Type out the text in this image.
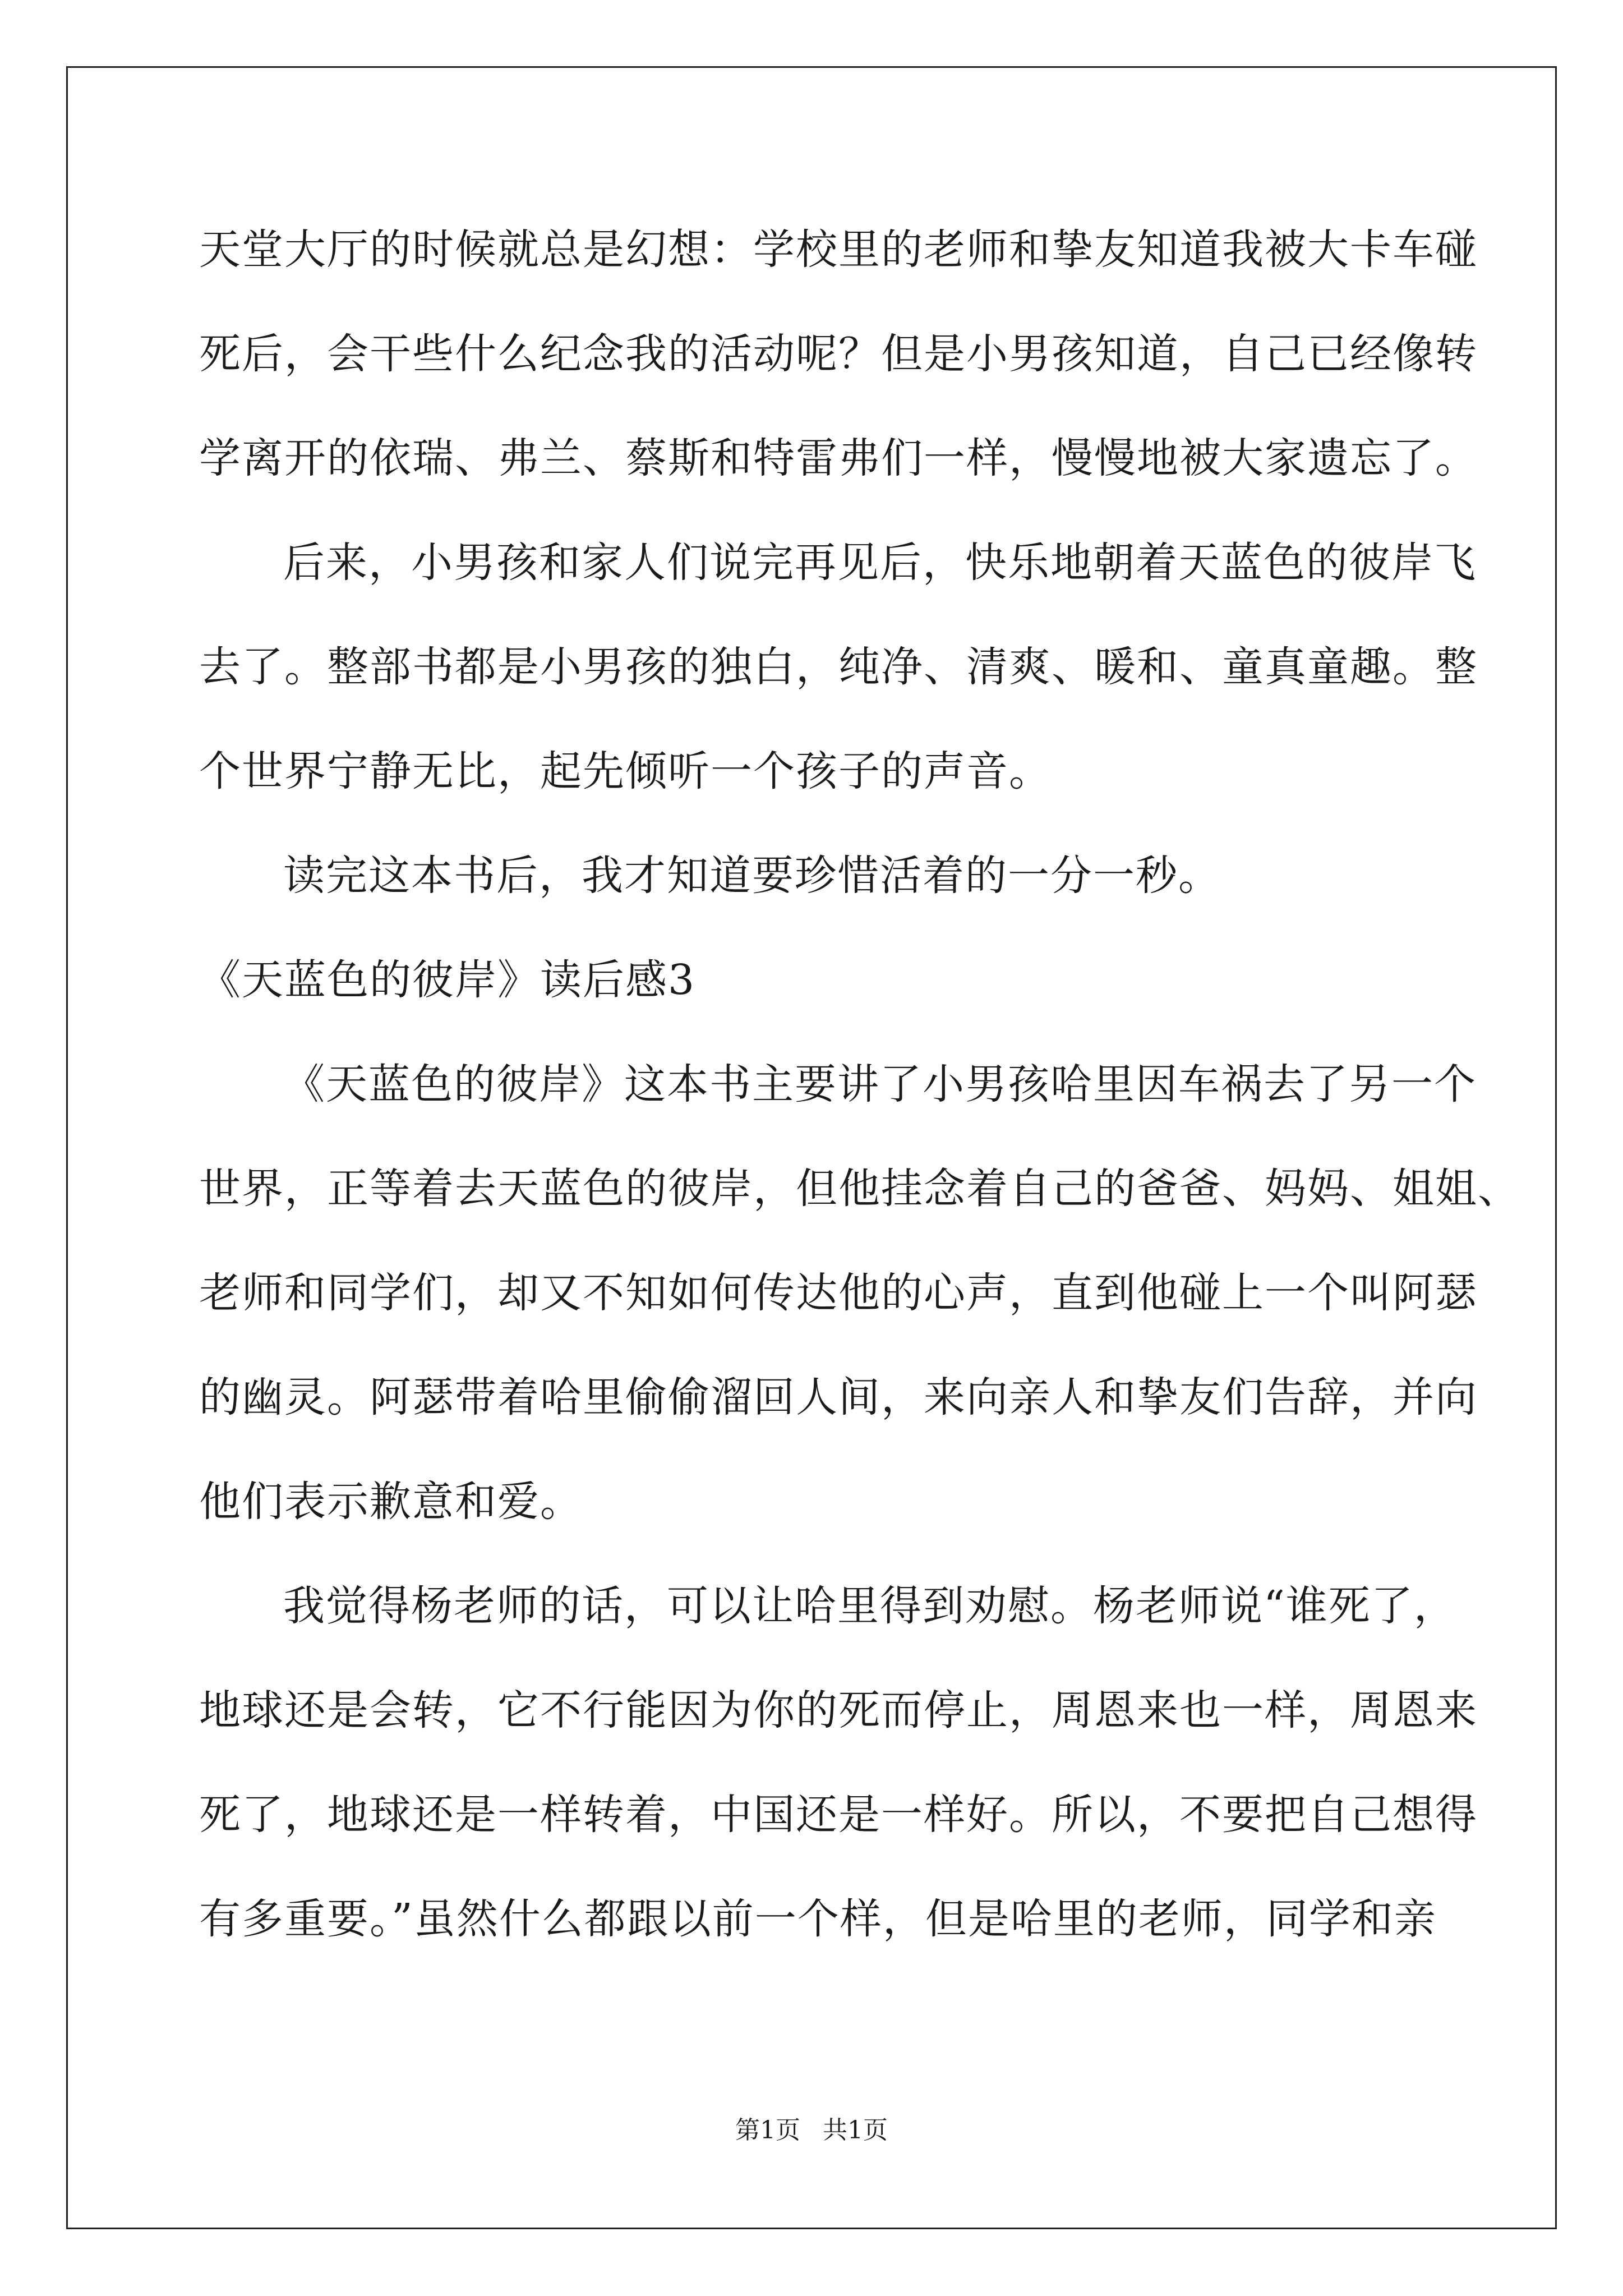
天堂大厅的时候就总是幻想：学校里的老师和挚友知道我被大卡车碰
死后，会干些什么纪念我的活动呢？但是小男孩知道，自己已经像转
学离开的依瑞、弗兰、蔡斯和特雷弗们一样，慢慢地被大家遗忘了。
后来，小男孩和家人们说完再见后，快乐地朝着天蓝色的彼岸飞
去了。整部书都是小男孩的独白，纯净、清爽、暖和、童真童趣。整
个世界宁静无比，起先倾听一个孩子的声音。
读完这本书后，我才知道要珍惜活着的一分一秒。
《天蓝色的彼岸》读后感3
《天蓝色的彼岸》这本书主要讲了小男孩哈里因车祸去了另一个
世界，正等着去天蓝色的彼岸，但他挂念着自己的爸爸、妈妈、姐姐、
老师和同学们，却又不知如何传达他的心声，直到他碰上一个叫阿瑟
的幽灵。阿瑟带着哈里偷偷溜回人间，来向亲人和挚友们告辞，并向
他们表示歉意和爱。
我觉得杨老师的话，可以让哈里得到劝慰。杨老师说“谁死了，
地球还是会转，它不行能因为你的死而停止，周恩来也一样，周恩来
死了，地球还是一样转着，中国还是一样好。所以，不要把自己想得
有多重要。”虽然什么都跟以前一个样，但是哈里的老师，同学和亲
第1页 共1页
